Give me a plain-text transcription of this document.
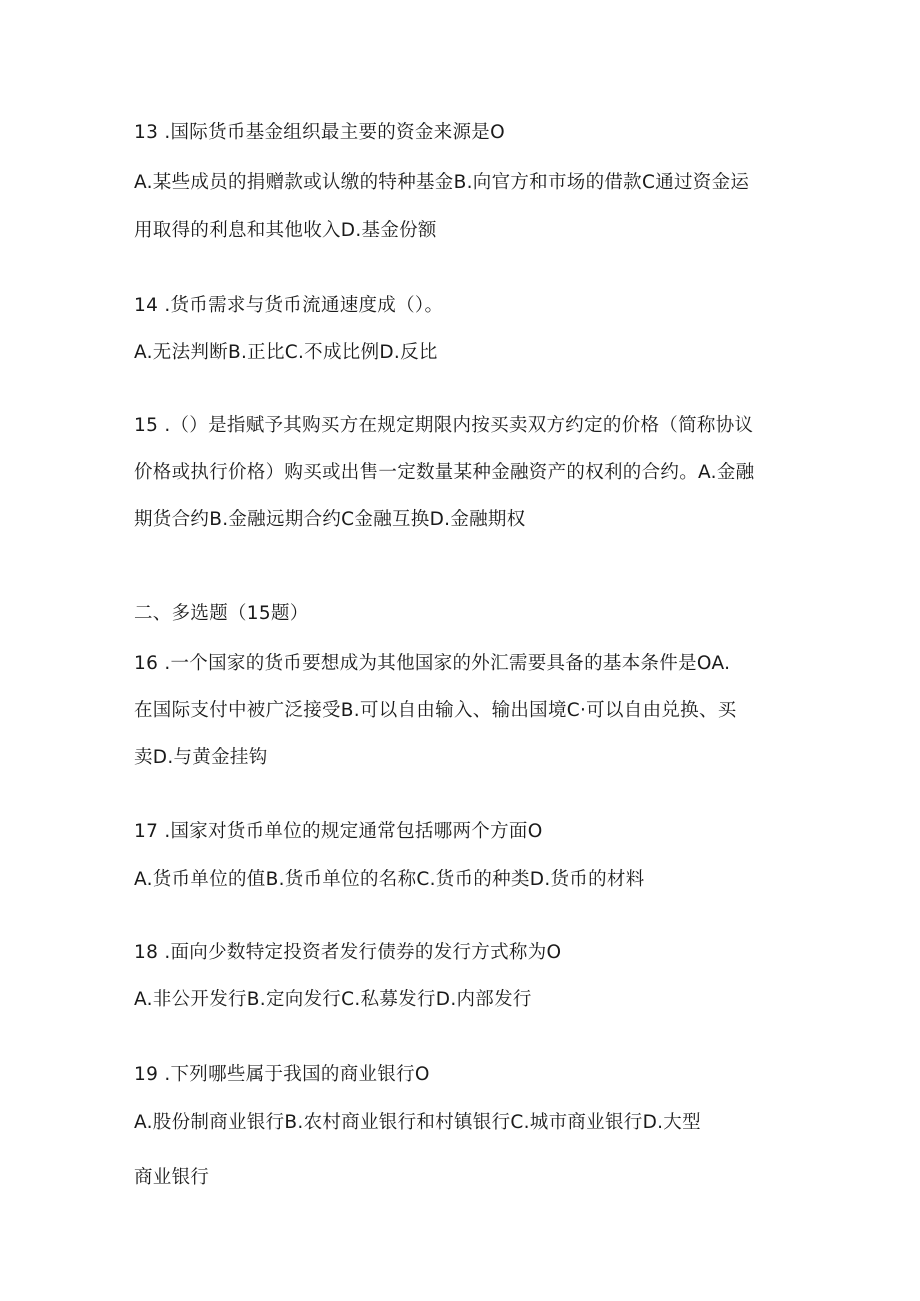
13 .国际货币基金组织最主要的资金来源是O
A.某些成员的捐赠款或认缴的特种基金B.向官方和市场的借款C通过资金运
用取得的利息和其他收入D.基金份额
14 .货币需求与货币流通速度成（）。
A.无法判断B.正比C.不成比例D.反比
15 .（）是指赋予其购买方在规定期限内按买卖双方约定的价格（简称协议
价格或执行价格）购买或出售一定数量某种金融资产的权利的合约。A.金融
期货合约B.金融远期合约C金融互换D.金融期权
二、多选题（15题）
16 .一个国家的货币要想成为其他国家的外汇需要具备的基本条件是OA.
在国际支付中被广泛接受B.可以自由输入、输出国境C·可以自由兑换、买
卖D.与黄金挂钩
17 .国家对货币单位的规定通常包括哪两个方面O
A.货币单位的值B.货币单位的名称C.货币的种类D.货币的材料
18 .面向少数特定投资者发行债券的发行方式称为O
A.非公开发行B.定向发行C.私募发行D.内部发行
19 .下列哪些属于我国的商业银行O
A.股份制商业银行B.农村商业银行和村镇银行C.城市商业银行D.大型
商业银行
